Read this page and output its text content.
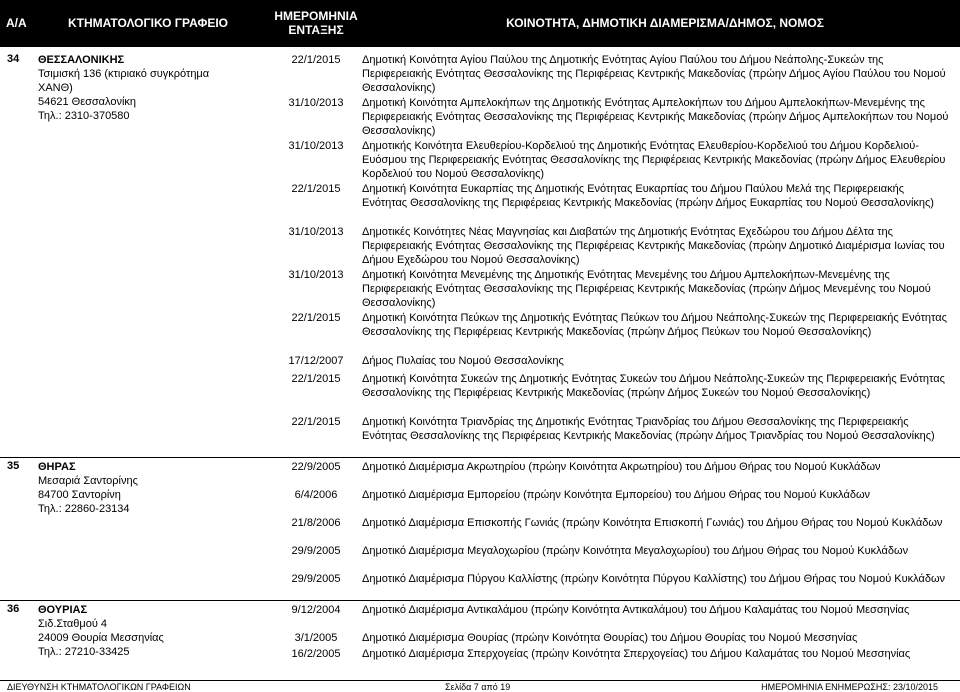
Α/Α	ΚΤΗΜΑΤΟΛΟΓΙΚΟ ΓΡΑΦΕΙΟ	ΗΜΕΡΟΜΗΝΙΑ
ΕΝΤΑΞΗΣ	ΚΟΙΝΟΤΗΤΑ, ΔΗΜΟΤΙΚΗ ΔΙΑΜΕΡΙΣΜΑ/ΔΗΜΟΣ, ΝΟΜΟΣ
34 ΘΕΣΣΑΛΟΝΙΚΗΣ
Τσιμισκή 136 (κτιριακό συγκρότημα
ΧΑΝΘ)
54621 Θεσσαλονίκη
Τηλ.: 2310-370580
22/1/2015	Δημοτική Κοινότητα Αγίου Παύλου της Δημοτικής Ενότητας Αγίου Παύλου του Δήμου Νεάπολης-Συκεών της Περιφερειακής Ενότητας Θεσσαλονίκης της Περιφέρειας Κεντρικής Μακεδονίας (πρώην Δήμος Αγίου Παύλου του Νομού Θεσσαλονίκης)
31/10/2013	Δημοτική Κοινότητα Αμπελοκήπων της Δημοτικής Ενότητας Αμπελοκήπων του Δήμου Αμπελοκήπων-Μενεμένης της Περιφερειακής Ενότητας Θεσσαλονίκης της Περιφέρειας Κεντρικής Μακεδονίας (πρώην Δήμος Αμπελοκήπων του Νομού Θεσσαλονίκης)
31/10/2013	Δημοτικής Κοινότητα Ελευθερίου-Κορδελιού της Δημοτικής Ενότητας Ελευθερίου-Κορδελιού του Δήμου Κορδελιού-Ευόσμου της Περιφερειακής Ενότητας Θεσσαλονίκης της Περιφέρειας Κεντρικής Μακεδονίας (πρώην Δήμος Ελευθερίου Κορδελιού του Νομού Θεσσαλονίκης)
22/1/2015	Δημοτική Κοινότητα Ευκαρπίας της Δημοτικής Ενότητας Ευκαρπίας του Δήμου Παύλου Μελά της Περιφερειακής Ενότητας Θεσσαλονίκης της Περιφέρειας Κεντρικής Μακεδονίας (πρώην Δήμος Ευκαρπίας του Νομού Θεσσαλονίκης)
31/10/2013	Δημοτικές Κοινότητες Νέας Μαγνησίας και Διαβατών της Δημοτικής Ενότητας Εχεδώρου του Δήμου Δέλτα της Περιφερειακής Ενότητας Θεσσαλονίκης της Περιφέρειας Κεντρικής Μακεδονίας (πρώην Δημοτικό Διαμέρισμα Ιωνίας του Δήμου Εχεδώρου του Νομού Θεσσαλονίκης)
31/10/2013	Δημοτική Κοινότητα Μενεμένης της Δημοτικής Ενότητας Μενεμένης του Δήμου Αμπελοκήπων-Μενεμένης της Περιφερειακής Ενότητας Θεσσαλονίκης της Περιφέρειας Κεντρικής Μακεδονίας (πρώην Δήμος Μενεμένης του Νομού Θεσσαλονίκης)
22/1/2015	Δημοτική Κοινότητα Πεύκων της Δημοτικής Ενότητας Πεύκων του Δήμου Νεάπολης-Συκεών της Περιφερειακής Ενότητας Θεσσαλονίκης της Περιφέρειας Κεντρικής Μακεδονίας (πρώην Δήμος Πεύκων του Νομού Θεσσαλονίκης)
17/12/2007	Δήμος Πυλαίας του Νομού Θεσσαλονίκης
22/1/2015	Δημοτική Κοινότητα Συκεών της Δημοτικής Ενότητας Συκεών του Δήμου Νεάπολης-Συκεών της Περιφερειακής Ενότητας Θεσσαλονίκης της Περιφέρειας Κεντρικής Μακεδονίας (πρώην Δήμος Συκεών του Νομού Θεσσαλονίκης)
22/1/2015	Δημοτική Κοινότητα Τριανδρίας της Δημοτικής Ενότητας Τριανδρίας του Δήμου Θεσσαλονίκης της Περιφερειακής Ενότητας Θεσσαλονίκης της Περιφέρειας Κεντρικής Μακεδονίας (πρώην Δήμος Τριανδρίας του Νομού Θεσσαλονίκης)
35 ΘΗΡΑΣ
Μεσαριά Σαντορίνης
84700 Σαντορίνη
Τηλ.: 22860-23134
22/9/2005	Δημοτικό Διαμέρισμα Ακρωτηρίου (πρώην Κοινότητα Ακρωτηρίου) του Δήμου Θήρας του Νομού Κυκλάδων
6/4/2006	Δημοτικό Διαμέρισμα Εμπορείου (πρώην Κοινότητα Εμπορείου) του Δήμου Θήρας του Νομού Κυκλάδων
21/8/2006	Δημοτικό Διαμέρισμα Επισκοπής Γωνιάς (πρώην Κοινότητα Επισκοπή Γωνιάς) του Δήμου Θήρας του Νομού Κυκλάδων
29/9/2005	Δημοτικό Διαμέρισμα Μεγαλοχωρίου (πρώην Κοινότητα Μεγαλοχωρίου) του Δήμου Θήρας του Νομού Κυκλάδων
29/9/2005	Δημοτικό Διαμέρισμα Πύργου Καλλίστης (πρώην Κοινότητα Πύργου Καλλίστης) του Δήμου Θήρας του Νομού Κυκλάδων
36 ΘΟΥΡΙΑΣ
Σιδ.Σταθμού 4
24009 Θουρία Μεσσηνίας
Τηλ.: 27210-33425
9/12/2004	Δημοτικό Διαμέρισμα Αντικαλάμου (πρώην Κοινότητα Αντικαλάμου) του Δήμου Καλαμάτας του Νομού Μεσσηνίας
3/1/2005	Δημοτικό Διαμέρισμα Θουρίας (πρώην Κοινότητα Θουρίας) του Δήμου Θουρίας του Νομού Μεσσηνίας
16/2/2005	Δημοτικό Διαμέρισμα Σπερχογείας (πρώην Κοινότητα Σπερχογείας) του Δήμου Καλαμάτας του Νομού Μεσσηνίας
ΔΙΕΥΘΥΝΣΗ ΚΤΗΜΑΤΟΛΟΓΙΚΩΝ ΓΡΑΦΕΙΩΝ	Σελίδα 7 από 19	ΗΜΕΡΟΜΗΝΙΑ ΕΝΗΜΕΡΩΣΗΣ: 23/10/2015
